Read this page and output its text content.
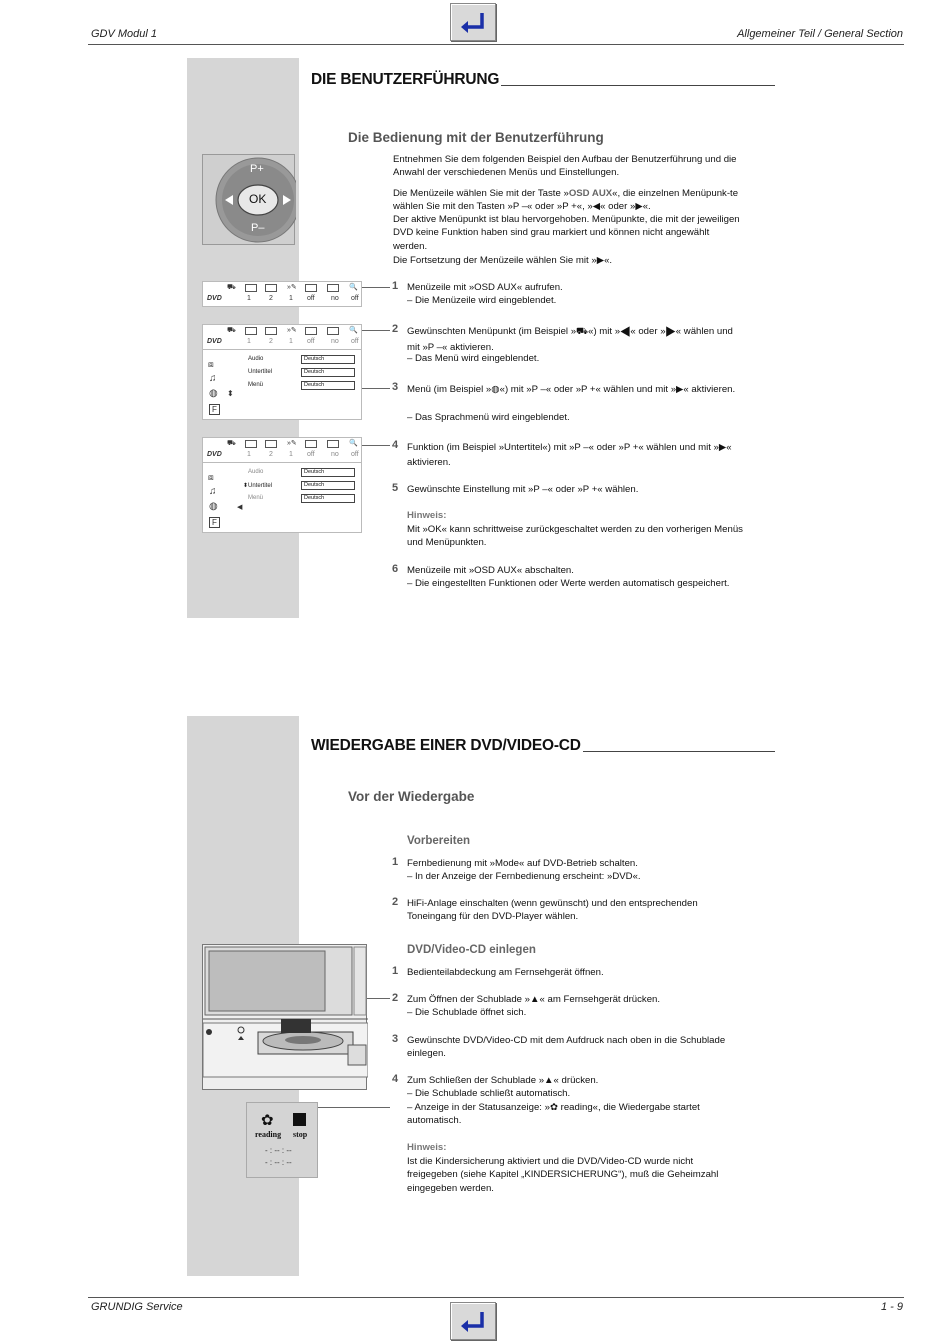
GDV Modul 1	Allgemeiner Teil / General Section
DIE BENUTZERFÜHRUNG
Die Bedienung mit der Benutzerführung
Entnehmen Sie dem folgenden Beispiel den Aufbau der Benutzerführung und die Anwahl der verschiedenen Menüs und Einstellungen.
Die Menüzeile wählen Sie mit der Taste »OSD AUX«, die einzelnen Menüpunk-te wählen Sie mit den Tasten »P –« oder »P +«, »◀« oder »▶«.
Der aktive Menüpunkt ist blau hervorgehoben. Menüpunkte, die mit der jeweiligen DVD keine Funktion haben sind grau markiert und können nicht angewählt werden.
Die Fortsetzung der Menüzeile wählen Sie mit »▶«.
P+
OK
P–
⛟	»✎	🔍
DVD	1	2 1 off no off
⛟	»✎	🔍
DVD	1	2 1 off no off
⧈
♫
◍ ⬍
F
Audio
Untertitel
Menü
Deutsch
Deutsch
Deutsch
⛟	»✎	🔍
DVD	1	2 1 off no off
⧈
♫
◍	◀
F
Audio
⬍Untertitel
Menü
Deutsch
Deutsch
Deutsch
1 Menüzeile mit »OSD AUX« aufrufen.
– Die Menüzeile wird eingeblendet.
2 Gewünschten Menüpunkt (im Beispiel »⛟«) mit »◀« oder »▶« wählen und mit »P –« aktivieren.
– Das Menü wird eingeblendet.
3 Menü (im Beispiel »◍«) mit »P –« oder »P +« wählen und mit »▶« aktivieren.
– Das Sprachmenü wird eingeblendet.
4 Funktion (im Beispiel »Untertitel«) mit »P –« oder »P +« wählen und mit »▶« aktivieren.
5 Gewünschte Einstellung mit »P –« oder »P +« wählen.
Hinweis:
Mit »OK« kann schrittweise zurückgeschaltet werden zu den vorherigen Menüs und Menüpunkten.
6 Menüzeile mit »OSD AUX« abschalten.
– Die eingestellten Funktionen oder Werte werden automatisch gespeichert.
WIEDERGABE EINER DVD/VIDEO-CD
Vor der Wiedergabe
Vorbereiten
1 Fernbedienung mit »Mode« auf DVD-Betrieb schalten.
– In der Anzeige der Fernbedienung erscheint: »DVD«.
2 HiFi-Anlage einschalten (wenn gewünscht) und den entsprechenden Toneingang für den DVD-Player wählen.
DVD/Video-CD einlegen
1 Bedienteilabdeckung am Fernsehgerät öffnen.
2 Zum Öffnen der Schublade »▲« am Fernsehgerät drücken.
– Die Schublade öffnet sich.
3 Gewünschte DVD/Video-CD mit dem Aufdruck nach oben in die Schublade einlegen.
4 Zum Schließen der Schublade »▲« drücken.
– Die Schublade schließt automatisch.
– Anzeige in der Statusanzeige: »✿ reading«, die Wiedergabe startet automatisch.
Hinweis:
Ist die Kindersicherung aktiviert und die DVD/Video-CD wurde nicht freigegeben (siehe Kapitel „KINDERSICHERUNG“), muß die Geheimzahl eingegeben werden.
✿
reading stop
- : -- : --
- : -- : --
GRUNDIG Service	1 - 9
